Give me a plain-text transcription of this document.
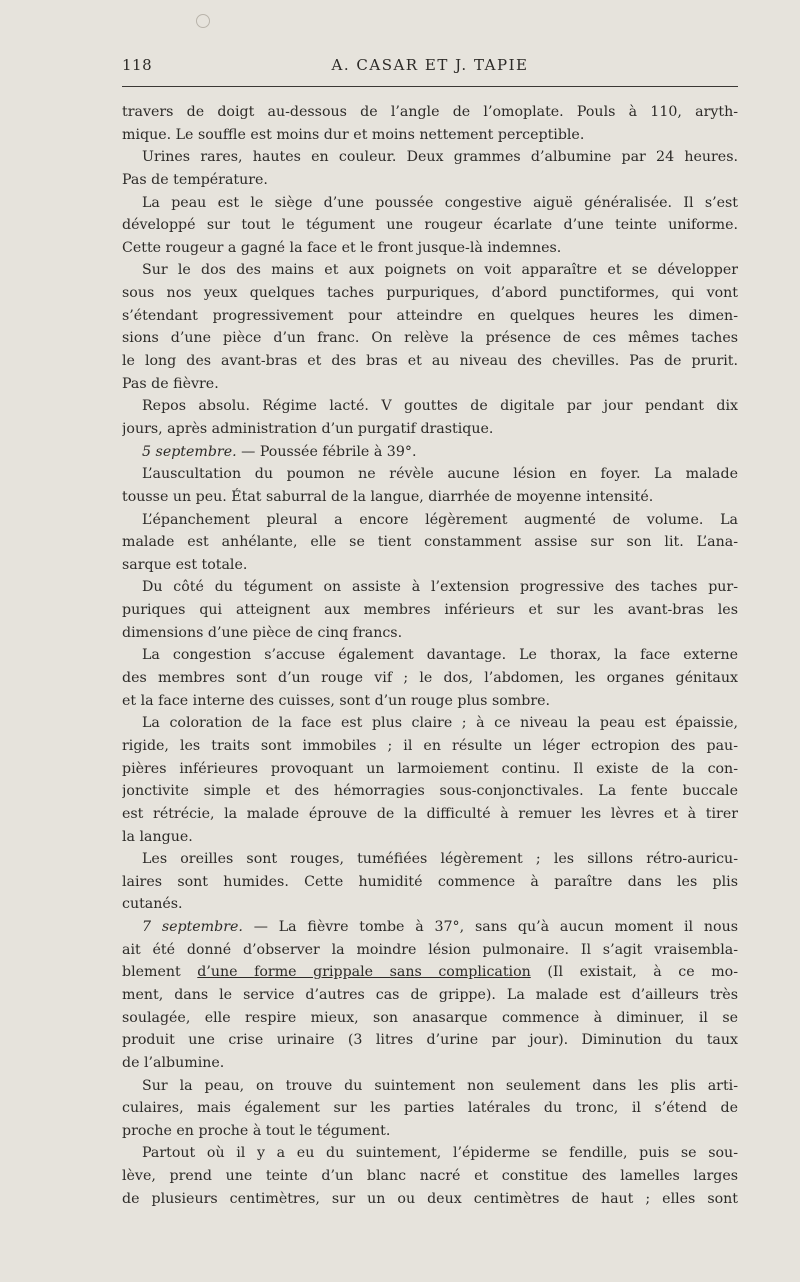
118	A. CASAR ET J. TAPIE
travers de doigt au-dessous de l’angle de l’omoplate. Pouls à 110, aryth-
mique. Le souffle est moins dur et moins nettement perceptible.
Urines rares, hautes en couleur. Deux grammes d’albumine par 24 heures.
Pas de température.
La peau est le siège d’une poussée congestive aiguë généralisée. Il s’est
développé sur tout le tégument une rougeur écarlate d’une teinte uniforme.
Cette rougeur a gagné la face et le front jusque-là indemnes.
Sur le dos des mains et aux poignets on voit apparaître et se développer
sous nos yeux quelques taches purpuriques, d’abord punctiformes, qui vont
s’étendant progressivement pour atteindre en quelques heures les dimen-
sions d’une pièce d’un franc. On relève la présence de ces mêmes taches
le long des avant-bras et des bras et au niveau des chevilles. Pas de prurit.
Pas de fièvre.
Repos absolu. Régime lacté. V gouttes de digitale par jour pendant dix
jours, après administration d’un purgatif drastique.
5 septembre. — Poussée fébrile à 39°.
L’auscultation du poumon ne révèle aucune lésion en foyer. La malade
tousse un peu. État saburral de la langue, diarrhée de moyenne intensité.
L’épanchement pleural a encore légèrement augmenté de volume. La
malade est anhélante, elle se tient constamment assise sur son lit. L’ana-
sarque est totale.
Du côté du tégument on assiste à l’extension progressive des taches pur-
puriques qui atteignent aux membres inférieurs et sur les avant-bras les
dimensions d’une pièce de cinq francs.
La congestion s’accuse également davantage. Le thorax, la face externe
des membres sont d’un rouge vif ; le dos, l’abdomen, les organes génitaux
et la face interne des cuisses, sont d’un rouge plus sombre.
La coloration de la face est plus claire ; à ce niveau la peau est épaissie,
rigide, les traits sont immobiles ; il en résulte un léger ectropion des pau-
pières inférieures provoquant un larmoiement continu. Il existe de la con-
jonctivite simple et des hémorragies sous-conjonctivales. La fente buccale
est rétrécie, la malade éprouve de la difficulté à remuer les lèvres et à tirer
la langue.
Les oreilles sont rouges, tuméfiées légèrement ; les sillons rétro-auricu-
laires sont humides. Cette humidité commence à paraître dans les plis
cutanés.
7 septembre. — La fièvre tombe à 37°, sans qu’à aucun moment il nous
ait été donné d’observer la moindre lésion pulmonaire. Il s’agit vraisembla-
blement d’une forme grippale sans complication (Il existait, à ce mo-
ment, dans le service d’autres cas de grippe). La malade est d’ailleurs très
soulagée, elle respire mieux, son anasarque commence à diminuer, il se
produit une crise urinaire (3 litres d’urine par jour). Diminution du taux
de l’albumine.
Sur la peau, on trouve du suintement non seulement dans les plis arti-
culaires, mais également sur les parties latérales du tronc, il s’étend de
proche en proche à tout le tégument.
Partout où il y a eu du suintement, l’épiderme se fendille, puis se sou-
lève, prend une teinte d’un blanc nacré et constitue des lamelles larges
de plusieurs centimètres, sur un ou deux centimètres de haut ; elles sont
